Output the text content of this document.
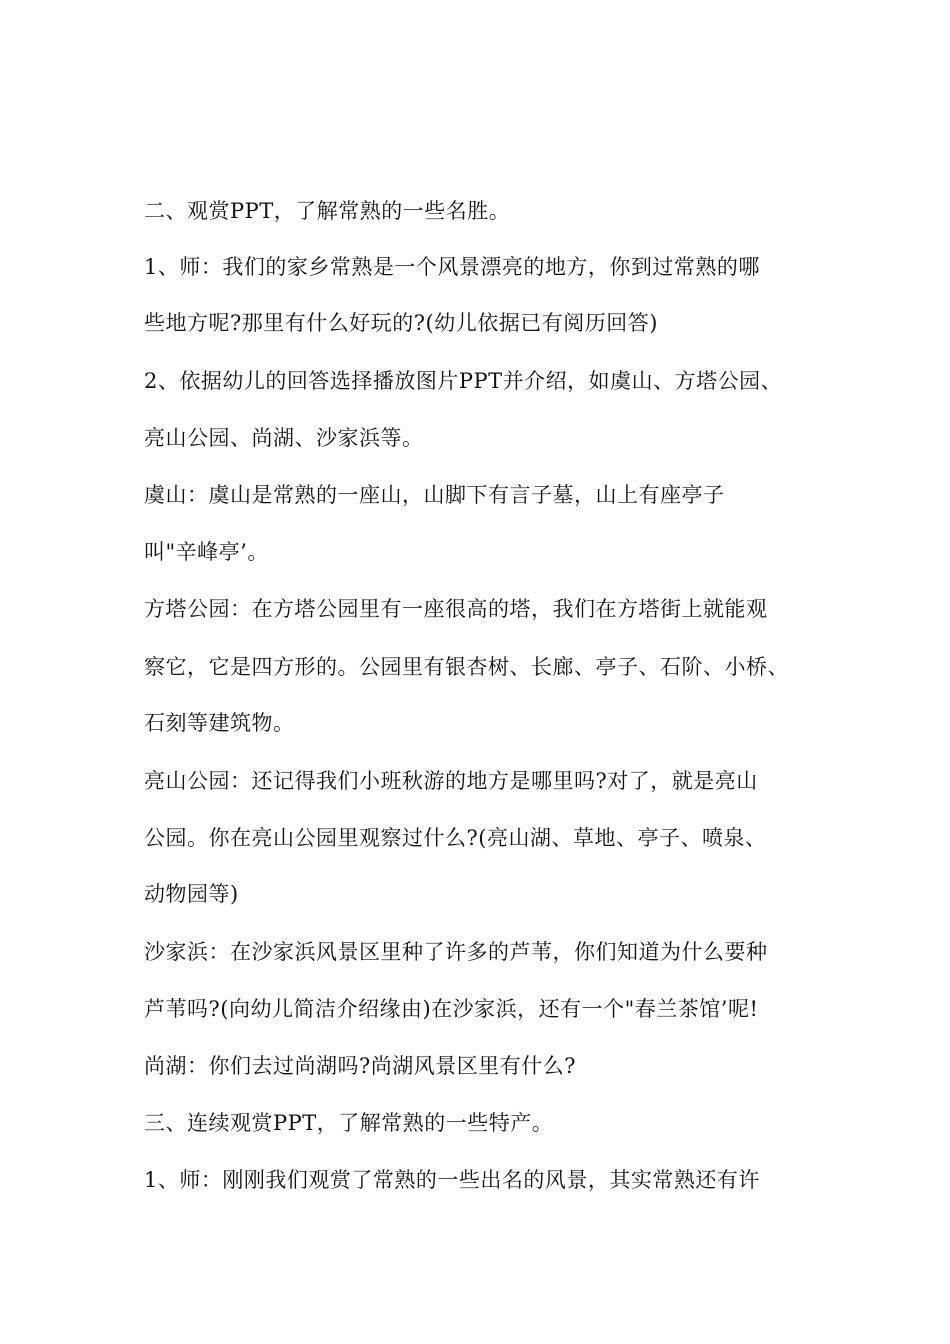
二、观赏PPT，了解常熟的一些名胜。
1、师：我们的家乡常熟是一个风景漂亮的地方，你到过常熟的哪
些地方呢?那里有什么好玩的?(幼儿依据已有阅历回答)
2、依据幼儿的回答选择播放图片PPT并介绍，如虞山、方塔公园、
亮山公园、尚湖、沙家浜等。
虞山：虞山是常熟的一座山，山脚下有言子墓，山上有座亭子
叫"辛峰亭’。
方塔公园：在方塔公园里有一座很高的塔，我们在方塔街上就能观
察它，它是四方形的。公园里有银杏树、长廊、亭子、石阶、小桥、
石刻等建筑物。
亮山公园：还记得我们小班秋游的地方是哪里吗?对了，就是亮山
公园。你在亮山公园里观察过什么?(亮山湖、草地、亭子、喷泉、
动物园等)
沙家浜：在沙家浜风景区里种了许多的芦苇，你们知道为什么要种
芦苇吗?(向幼儿简洁介绍缘由)在沙家浜，还有一个"春兰茶馆’呢!
尚湖：你们去过尚湖吗?尚湖风景区里有什么?
三、连续观赏PPT，了解常熟的一些特产。
1、师：刚刚我们观赏了常熟的一些出名的风景，其实常熟还有许
